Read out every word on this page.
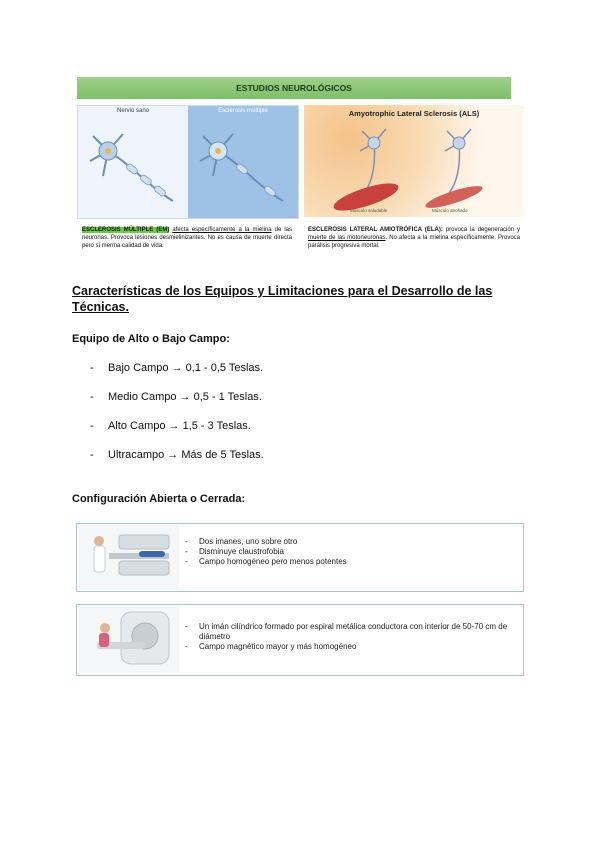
ESTUDIOS NEUROLÓGICOS
Nervio sano	Esclerosis múltiple
ESCLEROSIS MÚLTIPLE (EM) afecta específicamente a la mielina de las neuronas. Provoca lesiones desmielinizantes. No es causa de muerte directa pero si merma calidad de vida.
Amyotrophic Lateral Sclerosis (ALS)
Músculo saludable	Músculo atrofiado
ESCLEROSIS LATERAL AMIOTRÓFICA (ELA): provoca la degeneración y muerte de las motoneuronas. No afecta a la mielina específicamente. Provoca parálisis progresiva mortal.
Características de los Equipos y Limitaciones para el Desarrollo de las Técnicas.

Equipo de Alto o Bajo Campo:

- Bajo Campo → 0,1 - 0,5 Teslas.
- Medio Campo → 0,5 - 1 Teslas.
- Alto Campo → 1,5 - 3 Teslas.
- Ultracampo → Más de 5 Teslas.

Configuración Abierta o Cerrada:

- Dos imanes, uno sobre otro
- Disminuye claustrofobia
- Campo homogéneo pero menos potentes
- Un imán cilíndrico formado por espiral metálica conductora con interior de 50-70 cm de diámetro
- Campo magnético mayor y más homogéneo
